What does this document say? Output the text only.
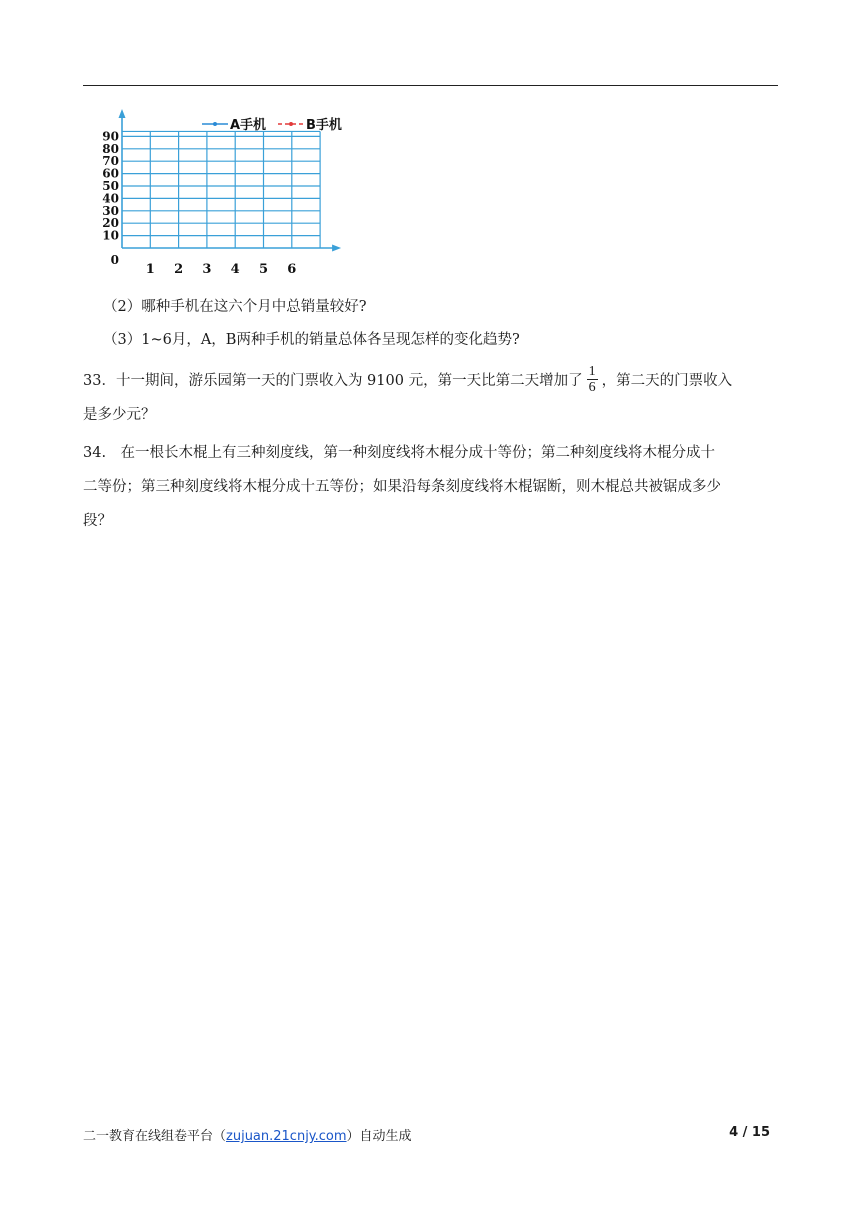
0
10
20
30
40
50
60
70
80
90
1 2 3 4 5 6
A手机	B手机
（2）哪种手机在这六个月中总销量较好?
（3）1~6月，A，B两种手机的销量总体各呈现怎样的变化趋势?
33．十一期间，游乐园第一天的门票收入为 9100 元，第一天比第二天增加了 $\frac{1}{6}$ ，第二天的门票收入
是多少元？
34.　在一根长木棍上有三种刻度线，第一种刻度线将木棍分成十等份；第二种刻度线将木棍分成十
二等份；第三种刻度线将木棍分成十五等份；如果沿每条刻度线将木棍锯断，则木棍总共被锯成多少
段？
二一教育在线组卷平台（zujuan.21cnjy.com）自动生成	4 / 15
